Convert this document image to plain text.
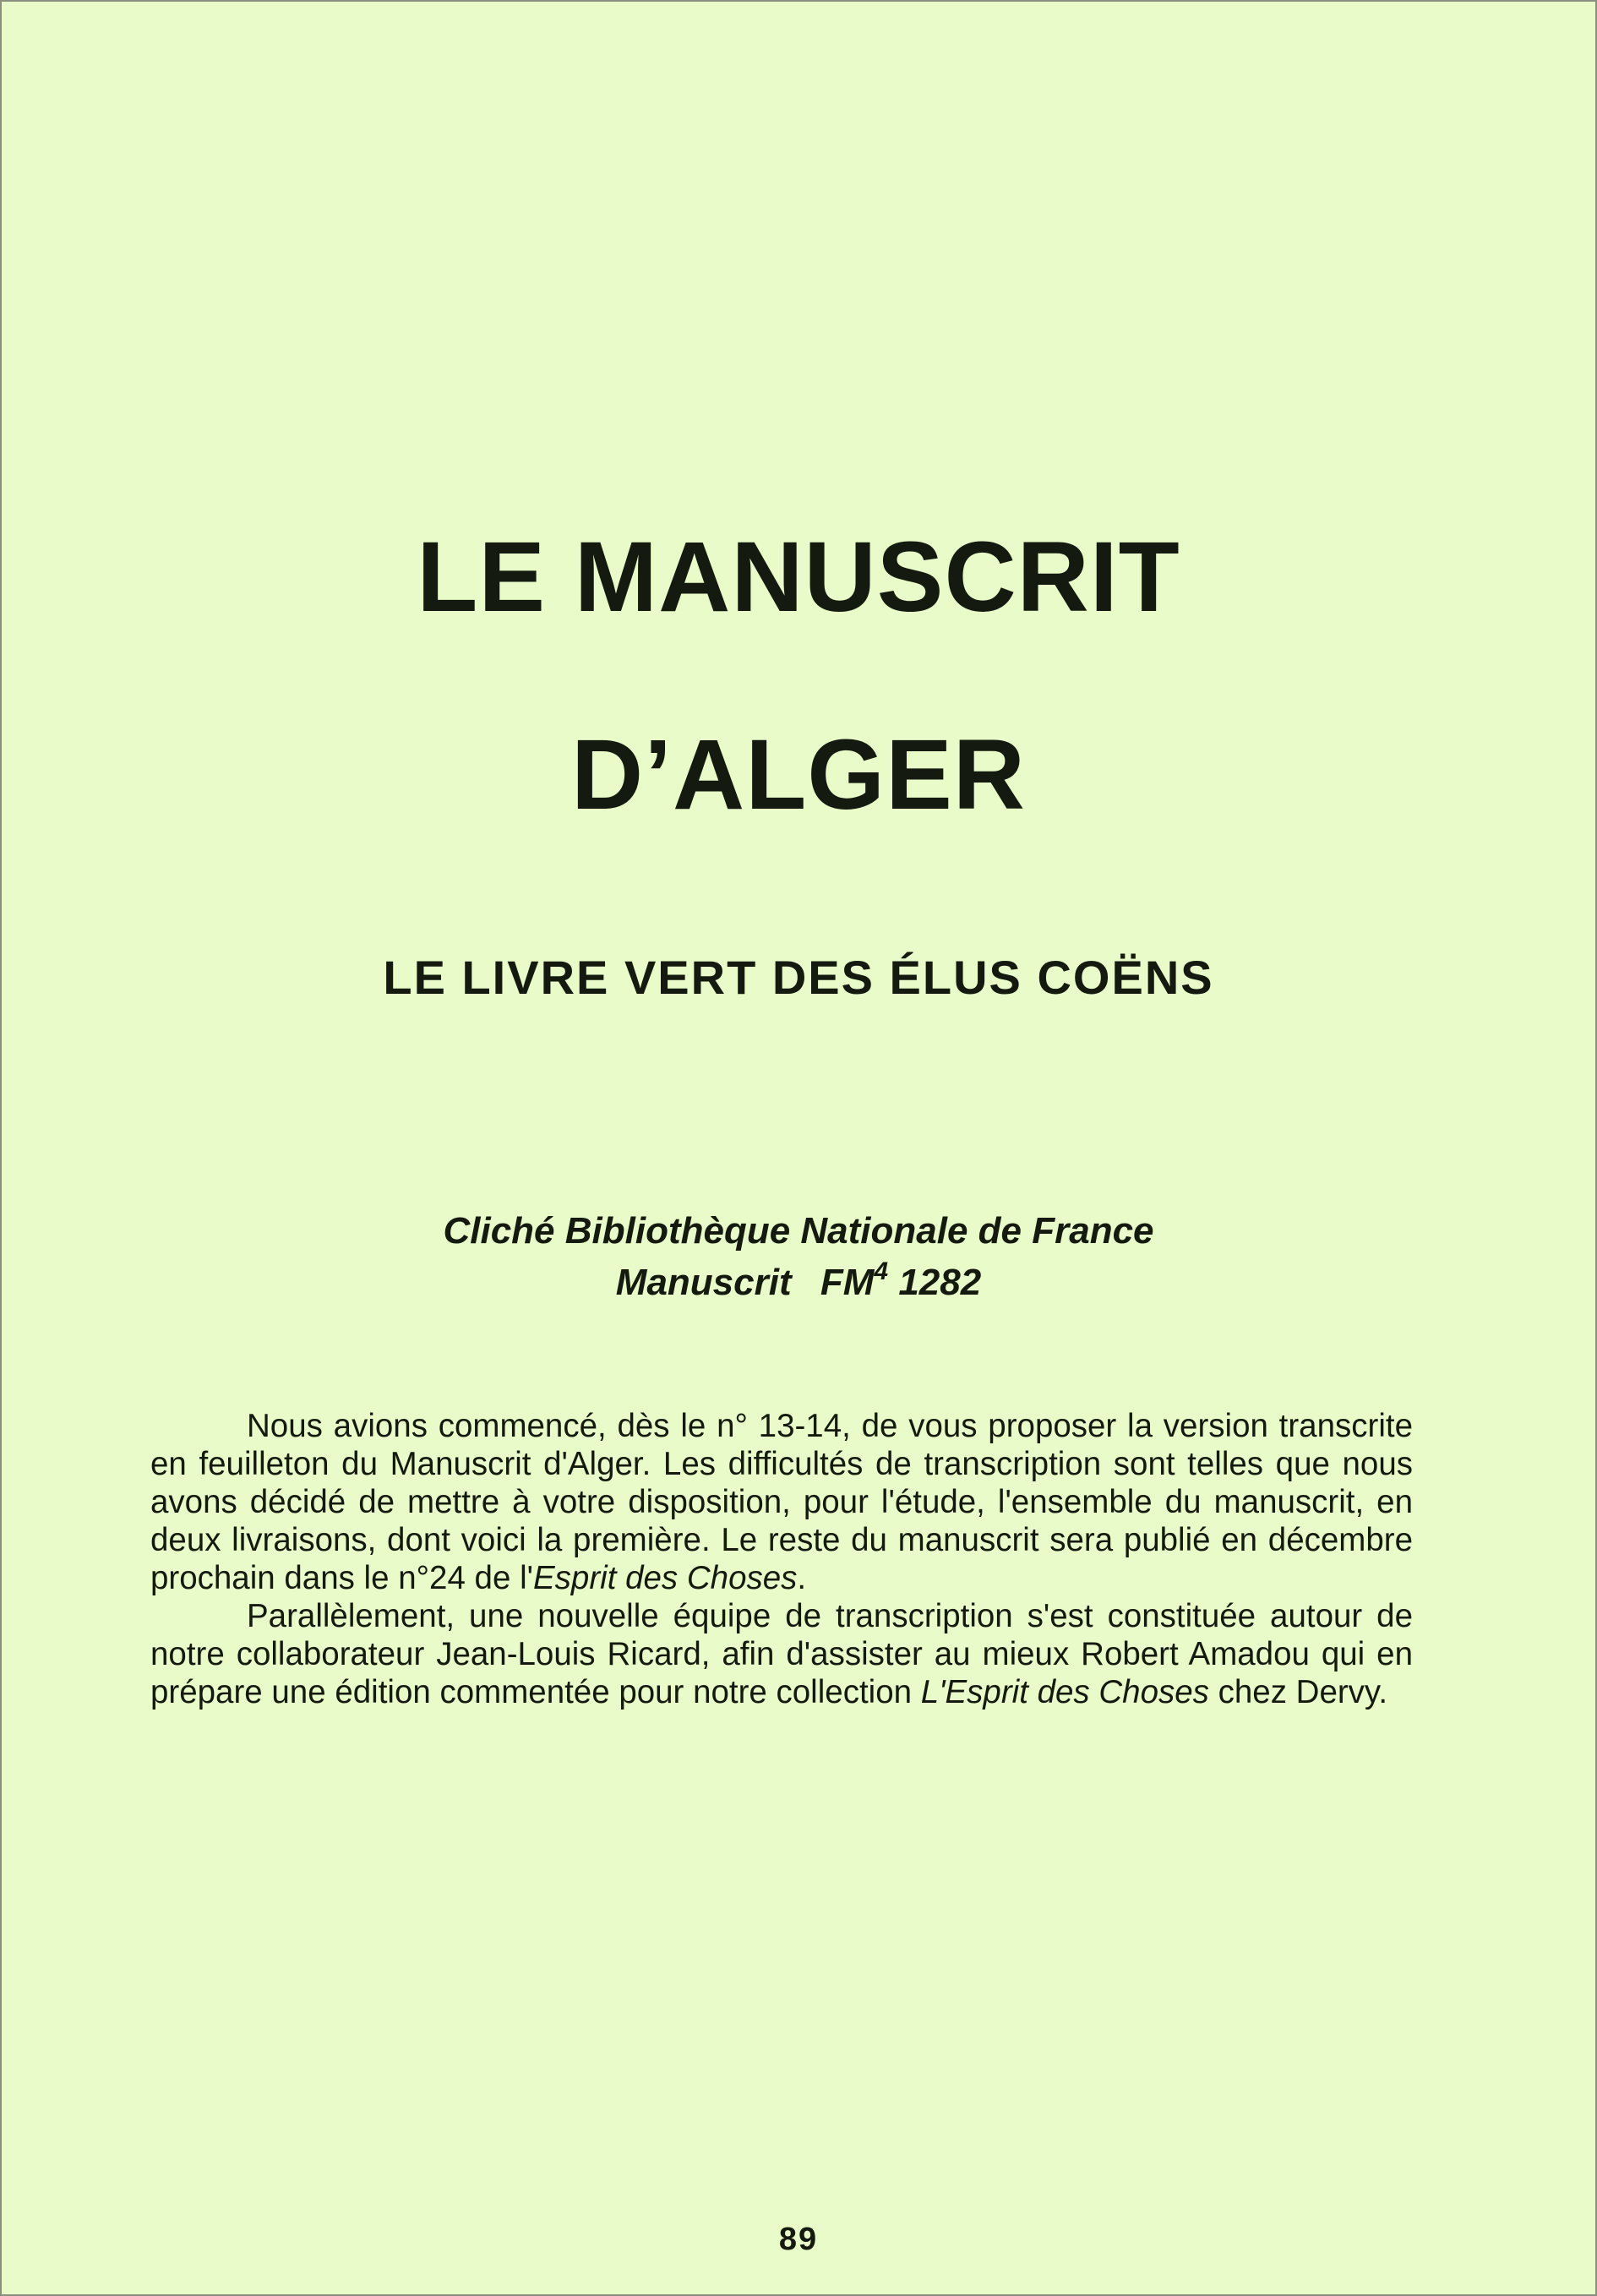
LE MANUSCRIT
D’ALGER
LE LIVRE VERT DES ÉLUS COËNS
Cliché Bibliothèque Nationale de France
Manuscrit $FM^4$ 1282

Nous avions commencé, dès le n° 13-14, de vous proposer la version transcrite en feuilleton du Manuscrit d'Alger. Les difficultés de transcription sont telles que nous avons décidé de mettre à votre disposition, pour l'étude, l'ensemble du manuscrit, en deux livraisons, dont voici la première. Le reste du manuscrit sera publié en décembre prochain dans le n°24 de l'Esprit des Choses.

Parallèlement, une nouvelle équipe de transcription s'est constituée autour de notre collaborateur Jean-Louis Ricard, afin d'assister au mieux Robert Amadou qui en prépare une édition commentée pour notre collection L'Esprit des Choses chez Dervy.

89
